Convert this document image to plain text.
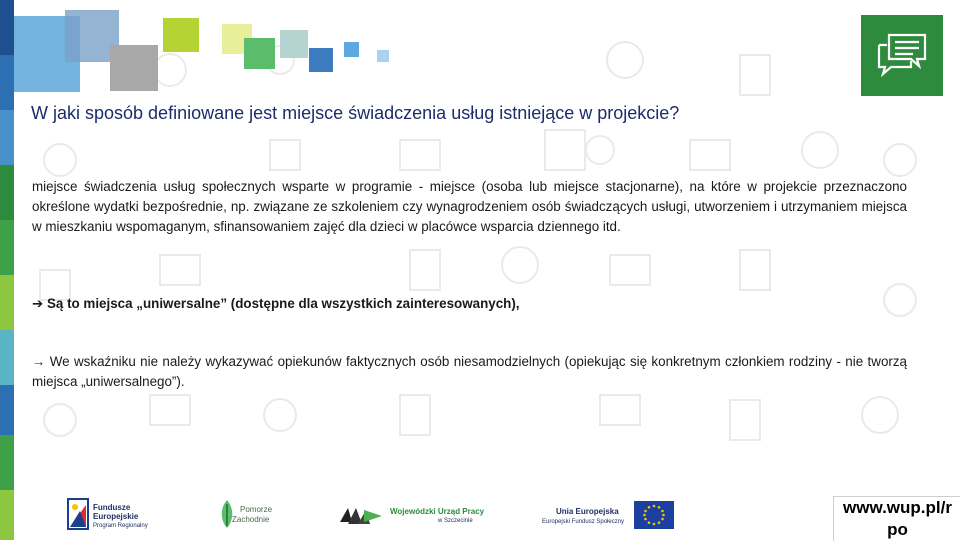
W jaki sposób definiowane jest miejsce świadczenia usług istniejące w projekcie?
miejsce świadczenia usług społecznych wsparte w programie - miejsce (osoba lub miejsce stacjonarne), na które w projekcie przeznaczono określone wydatki bezpośrednie, np. związane ze szkoleniem czy wynagrodzeniem osób świadczących usługi, utworzeniem i utrzymaniem miejsca w mieszkaniu wspomaganym, sfinansowaniem zajęć dla dzieci w placówce wsparcia dziennego itd.
➔ Są to miejsca „uniwersalne” (dostępne dla wszystkich zainteresowanych),
→ We wskaźniku nie należy wykazywać opiekunów faktycznych osób niesamodzielnych (opiekując się konkretnym członkiem rodziny - nie tworzą miejsca „uniwersalnego”).
Fundusze
Europejskie
Program Regionalny
Pomorze
Zachodnie
Wojewódzki Urząd Pracy
w Szczecinie
Unia Europejska
Europejski Fundusz Społeczny
www.wup.pl/r po
